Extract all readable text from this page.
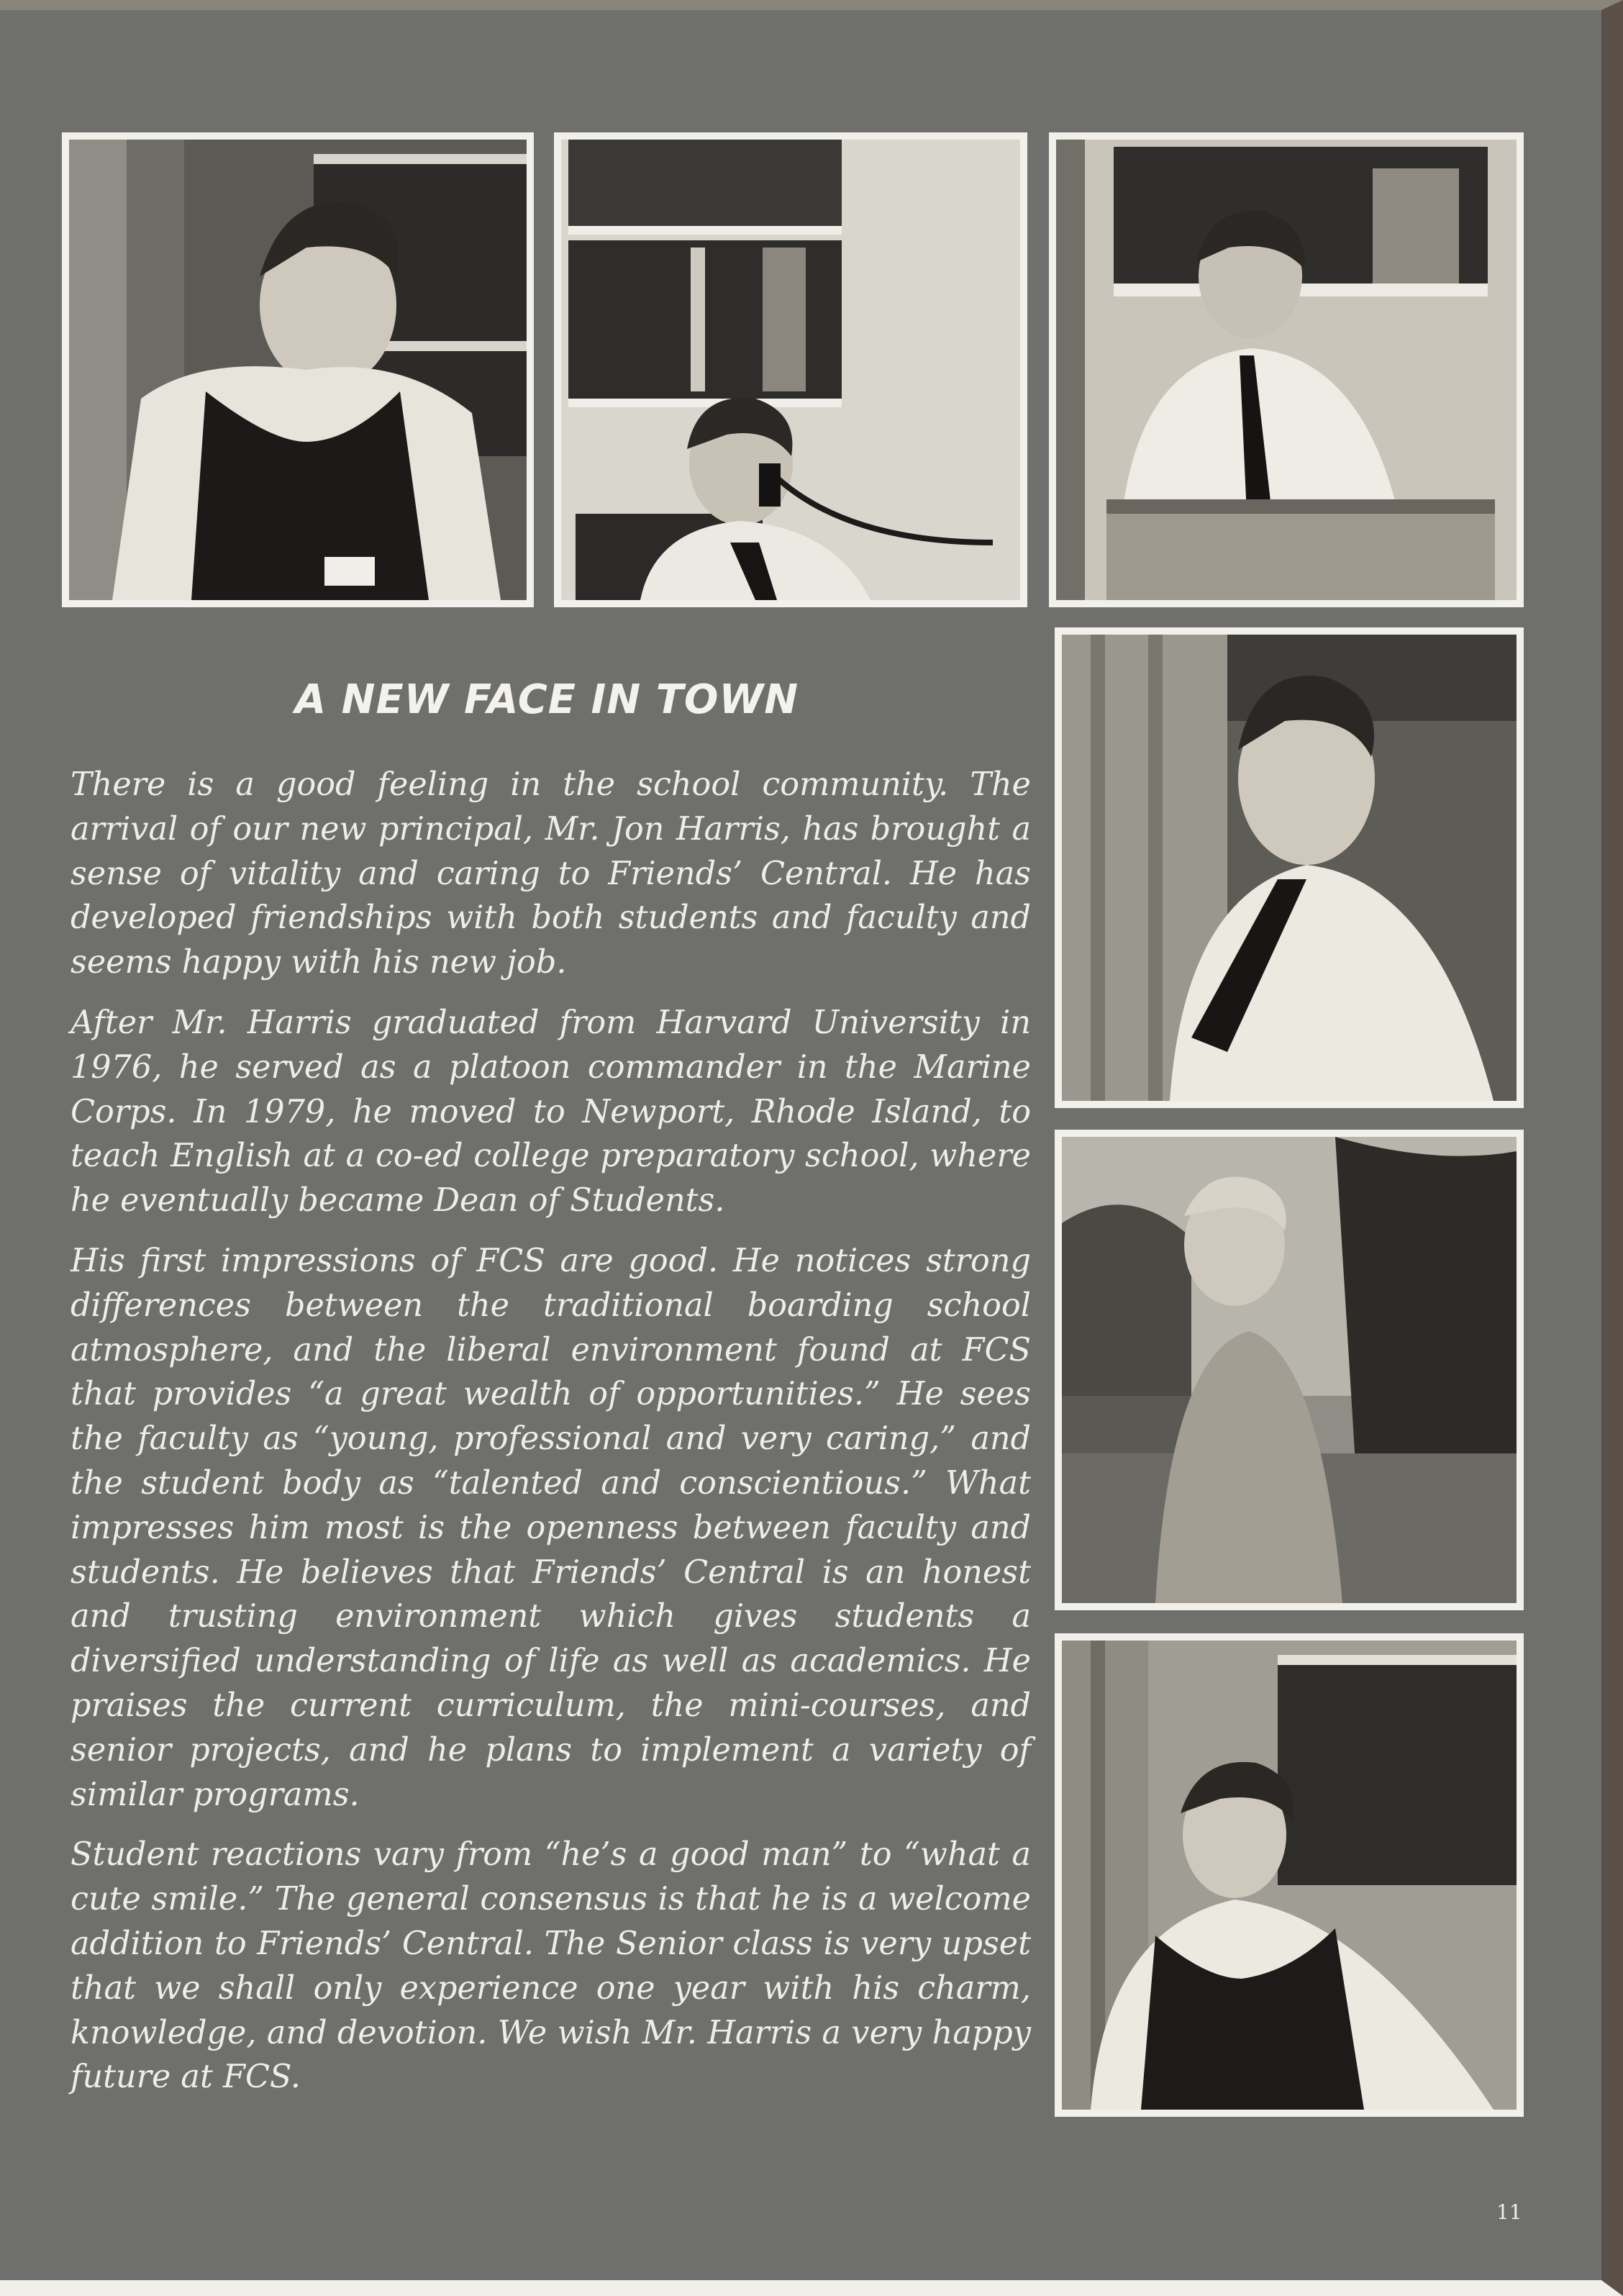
A NEW FACE IN TOWN

There is a good feeling in the school community. The arrival of our new principal, Mr. Jon Harris, has brought a sense of vitality and caring to Friends’ Central. He has developed friendships with both students and faculty and seems happy with his new job.

After Mr. Harris graduated from Harvard University in 1976, he served as a platoon commander in the Marine Corps. In 1979, he moved to Newport, Rhode Island, to teach English at a co-ed college preparatory school, where he eventually became Dean of Students.

His first impressions of FCS are good. He notices strong differences between the traditional boarding school atmosphere, and the liberal environment found at FCS that provides “a great wealth of opportunities.” He sees the faculty as “young, professional and very caring,” and the student body as “talented and conscientious.” What impresses him most is the openness between faculty and students. He believes that Friends’ Central is an honest and trusting environment which gives students a diversified understanding of life as well as academics. He praises the current curriculum, the mini-courses, and senior projects, and he plans to implement a variety of similar programs.

Student reactions vary from “he’s a good man” to “what a cute smile.” The general consensus is that he is a welcome addition to Friends’ Central. The Senior class is very upset that we shall only experience one year with his charm, knowledge, and devotion. We wish Mr. Harris a very happy future at FCS.

11
